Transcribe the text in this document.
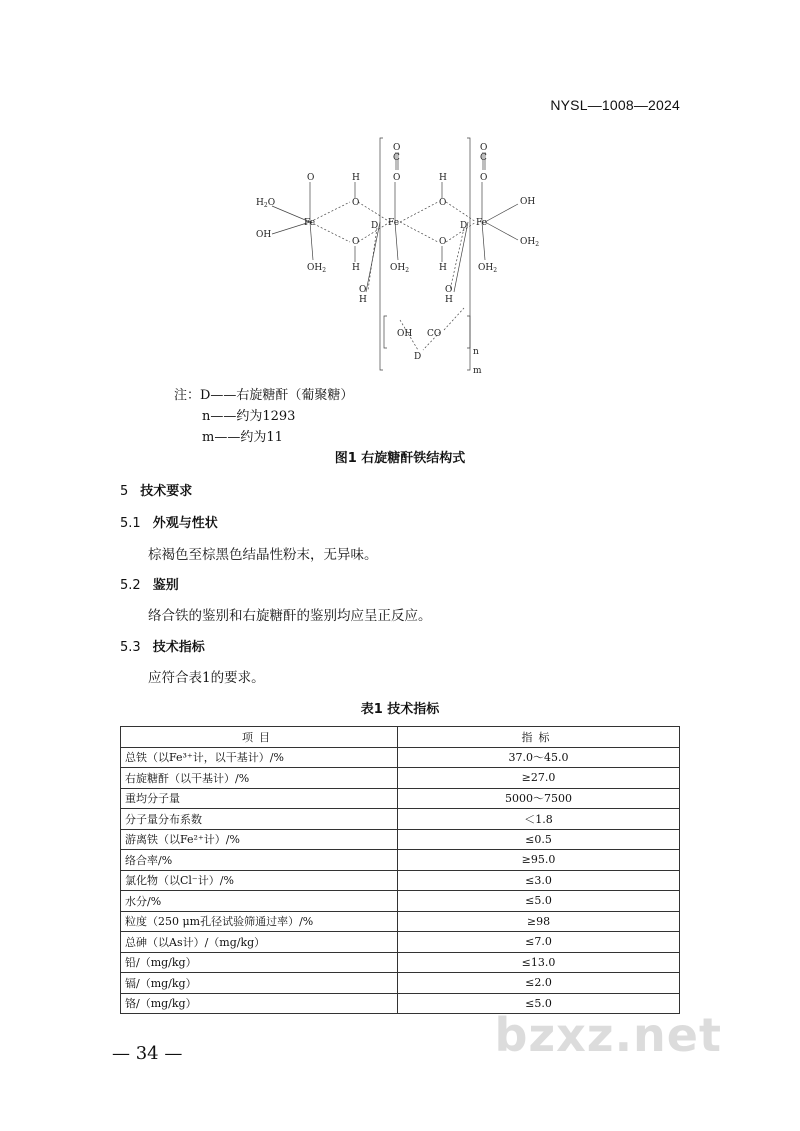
NYSL—1008—2024
Fe	Fe	Fe
O
$H_2O$
OH
$OH_2$
H
O
O
H
O
H
D
O
C
O
$OH_2$
H
O
O
H
O
H
D
O
C
O
OH
$OH_2$
$OH_2$
OH CO
D	n
m
注：D——右旋糖酐（葡聚糖）
n——约为1293
m——约为11
图1 右旋糖酐铁结构式
5 技术要求
5.1 外观与性状
棕褐色至棕黑色结晶性粉末，无异味。
5.2 鉴别
络合铁的鉴别和右旋糖酐的鉴别均应呈正反应。
5.3 技术指标
应符合表1的要求。
表1 技术指标
项目	指标
总铁（以Fe³⁺计，以干基计）/%	37.0～45.0
右旋糖酐（以干基计）/%	≥27.0
重均分子量	5000～7500
分子量分布系数	＜1.8
游离铁（以Fe²⁺计）/%	≤0.5
络合率/%	≥95.0
氯化物（以Cl⁻计）/%	≤3.0
水分/%	≤5.0
粒度（250 μm孔径试验筛通过率）/%	≥98
总砷（以As计）/（mg/kg）	≤7.0
铅/（mg/kg）	≤13.0
镉/（mg/kg）	≤2.0
铬/（mg/kg）	≤5.0
— 34 —	bzxz.net
